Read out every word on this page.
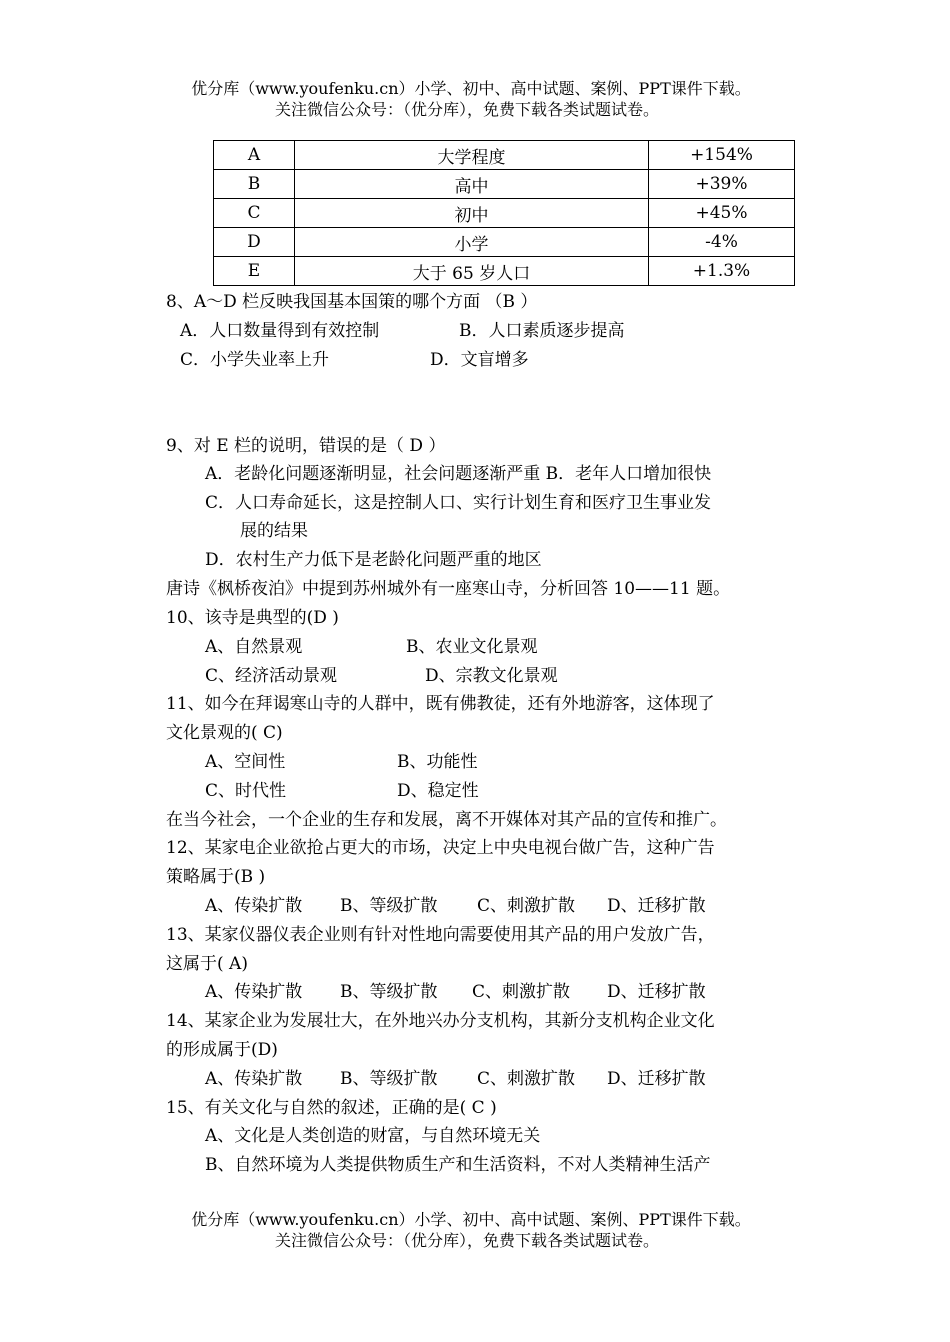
优分库（www.youfenku.cn）小学、初中、高中试题、案例、PPT课件下载。
关注微信公众号：（优分库），免费下载各类试题试卷。
A	大学程度	+154%
B	高中	+39%
C	初中	+45%
D	小学	-4%
E	大于 65 岁人口	+1.3%
8、A～D 栏反映我国基本国策的哪个方面 （B ）
A．人口数量得到有效控制	B．人口素质逐步提高
C．小学失业率上升	D．文盲增多
9、对 E 栏的说明，错误的是（ D ）
A．老龄化问题逐渐明显，社会问题逐渐严重 B．老年人口增加很快
C．人口寿命延长，这是控制人口、实行计划生育和医疗卫生事业发
展的结果
D．农村生产力低下是老龄化问题严重的地区
唐诗《枫桥夜泊》中提到苏州城外有一座寒山寺，分析回答 10——11 题。
10、该寺是典型的(D )
A、自然景观	B、农业文化景观
C、经济活动景观	D、宗教文化景观
11、如今在拜谒寒山寺的人群中，既有佛教徒，还有外地游客，这体现了
文化景观的( C)
A、空间性	B、功能性
C、时代性	D、稳定性
在当今社会，一个企业的生存和发展，离不开媒体对其产品的宣传和推广。
12、某家电企业欲抢占更大的市场，决定上中央电视台做广告，这种广告
策略属于(B )
A、传染扩散 B、等级扩散 C、刺激扩散 D、迁移扩散
13、某家仪器仪表企业则有针对性地向需要使用其产品的用户发放广告，
这属于( A)
A、传染扩散 B、等级扩散 C、刺激扩散 D、迁移扩散
14、某家企业为发展壮大，在外地兴办分支机构，其新分支机构企业文化
的形成属于(D)
A、传染扩散 B、等级扩散 C、刺激扩散 D、迁移扩散
15、有关文化与自然的叙述，正确的是( C )
A、文化是人类创造的财富，与自然环境无关
B、自然环境为人类提供物质生产和生活资料，不对人类精神生活产
优分库（www.youfenku.cn）小学、初中、高中试题、案例、PPT课件下载。
关注微信公众号：（优分库），免费下载各类试题试卷。
